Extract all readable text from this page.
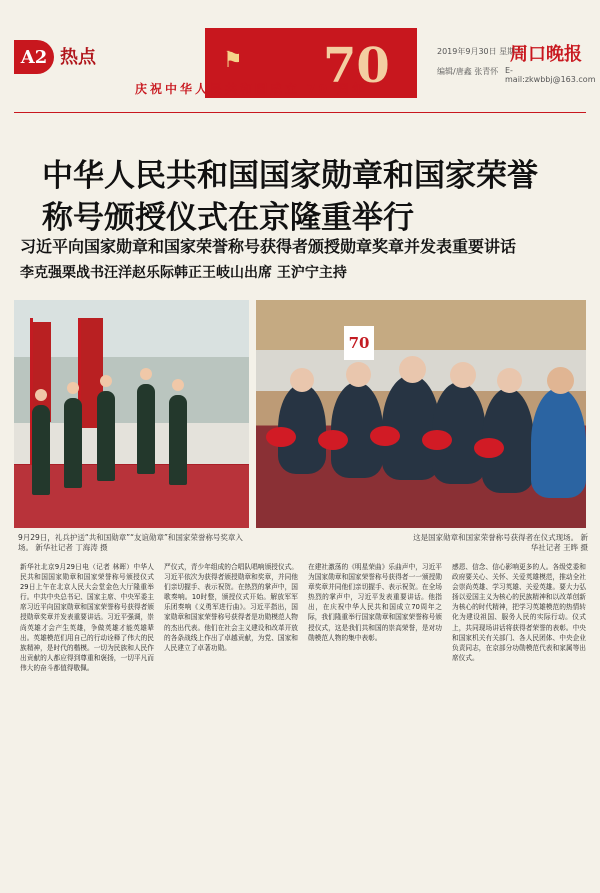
A2 热点	⚑ 70
庆祝中华人民共和国成立 70 周年
2019年9月30日 星期一
周口晚报
编辑/唐鑫 张青怀 E-mail:zkwbbj@163.com
中华人民共和国国家勋章和国家荣誉称号颁授仪式在京隆重举行
习近平向国家勋章和国家荣誉称号获得者颁授勋章奖章并发表重要讲话
李克强栗战书汪洋赵乐际韩正王岐山出席 王沪宁主持
70
9月29日，礼兵护送“共和国勋章”“友谊勋章”和国家荣誉称号奖章入场。 新华社记者 丁海涛 摄
这是国家勋章和国家荣誉称号获得者在仪式现场。 新华社记者 王晔 摄
新华社北京9月29日电（记者 林晖）中华人民共和国国家勋章和国家荣誉称号颁授仪式29日上午在北京人民大会堂金色大厅隆重举行。中共中央总书记、国家主席、中央军委主席习近平向国家勋章和国家荣誉称号获得者颁授勋章奖章并发表重要讲话。习近平强调，崇尚英雄才会产生英雄，争做英雄才能英雄辈出。英雄模范们用自己的行动诠释了伟大的民族精神，是时代的楷模。一切为民族和人民作出贡献的人都应得到尊重和褒扬，一切平凡而伟大的奋斗都值得敬佩。
严仪式，青少年组成的合唱队唱响颁授仪式。习近平依次为获得者颁授勋章和奖章，并同他们亲切握手、表示祝贺。在热烈的掌声中，国歌奏响。10时整，颁授仪式开始。解放军军乐团奏响《义勇军进行曲》。习近平指出，国家勋章和国家荣誉称号获得者是功勋模范人物的杰出代表。他们在社会主义建设和改革开放的各条战线上作出了卓越贡献，为党、国家和人民建立了卓著功勋。
在建社激荡的《明星荣曲》乐曲声中，习近平为国家勋章和国家荣誉称号获得者一一颁授勋章奖章并同他们亲切握手、表示祝贺。在全场热烈的掌声中，习近平发表重要讲话。他指出，在庆祝中华人民共和国成立70周年之际，我们隆重举行国家勋章和国家荣誉称号颁授仪式，这是我们共和国的崇高荣誉，是对功勋模范人物的集中表彰。
感恩、信念、信心影响更多的人。各级党委和政府要关心、关怀、关爱英雄模范，推动全社会崇尚英雄、学习英雄、关爱英雄。要大力弘扬以爱国主义为核心的民族精神和以改革创新为核心的时代精神，把学习英雄模范的热情转化为建设祖国、服务人民的实际行动。仪式上，共同现场讲话将获得者荣誉的表彰。中央和国家机关有关部门、各人民团体、中央企业负责同志，在京部分功勋模范代表和家属等出席仪式。
